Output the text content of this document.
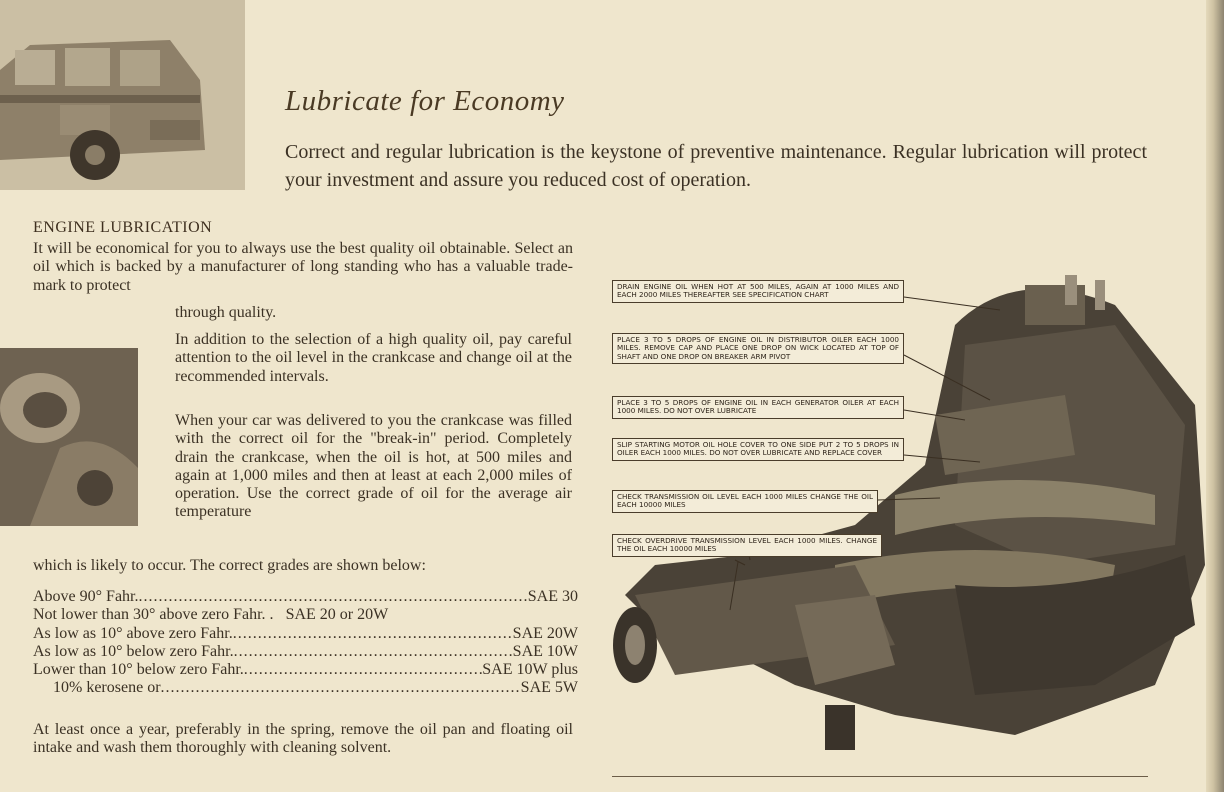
Lubricate for Economy

Correct and regular lubrication is the keystone of preventive maintenance. Regular lubrication will protect your investment and assure you reduced cost of operation.

ENGINE LUBRICATION

It will be economical for you to always use the best quality oil obtainable. Select an oil which is backed by a manufacturer of long standing who has a valuable trade-mark to protect

through quality.

In addition to the selection of a high quality oil, pay careful attention to the oil level in the crankcase and change oil at the recommended intervals.

When your car was delivered to you the crankcase was filled with the correct oil for the "break-in" period. Completely drain the crankcase, when the oil is hot, at 500 miles and again at 1,000 miles and then at least at each 2,000 miles of operation. Use the correct grade of oil for the average air temperature

which is likely to occur. The correct grades are shown below:

Above 90° Fahr. .....	SAE 30
Not lower than 30° above zero Fahr. . SAE 20 or 20W
As low as 10° above zero Fahr. .....	SAE 20W
As low as 10° below zero Fahr. .....	SAE 10W
Lower than 10° below zero Fahr. .....	SAE 10W plus
10% kerosene or .....	SAE 5W

At least once a year, preferably in the spring, remove the oil pan and floating oil intake and wash them thoroughly with cleaning solvent.

DRAIN ENGINE OIL WHEN HOT AT 500 MILES, AGAIN AT 1000 MILES AND EACH 2000 MILES THEREAFTER SEE SPECIFICATION CHART
PLACE 3 TO 5 DROPS OF ENGINE OIL IN DISTRIBUTOR OILER EACH 1000 MILES. REMOVE CAP AND PLACE ONE DROP ON WICK LOCATED AT TOP OF SHAFT AND ONE DROP ON BREAKER ARM PIVOT
PLACE 3 TO 5 DROPS OF ENGINE OIL IN EACH GENERATOR OILER AT EACH 1000 MILES. DO NOT OVER LUBRICATE
SLIP STARTING MOTOR OIL HOLE COVER TO ONE SIDE PUT 2 TO 5 DROPS IN OILER EACH 1000 MILES. DO NOT OVER LUBRICATE AND REPLACE COVER
CHECK TRANSMISSION OIL LEVEL EACH 1000 MILES CHANGE THE OIL EACH 10000 MILES
CHECK OVERDRIVE TRANSMISSION LEVEL EACH 1000 MILES. CHANGE THE OIL EACH 10000 MILES
